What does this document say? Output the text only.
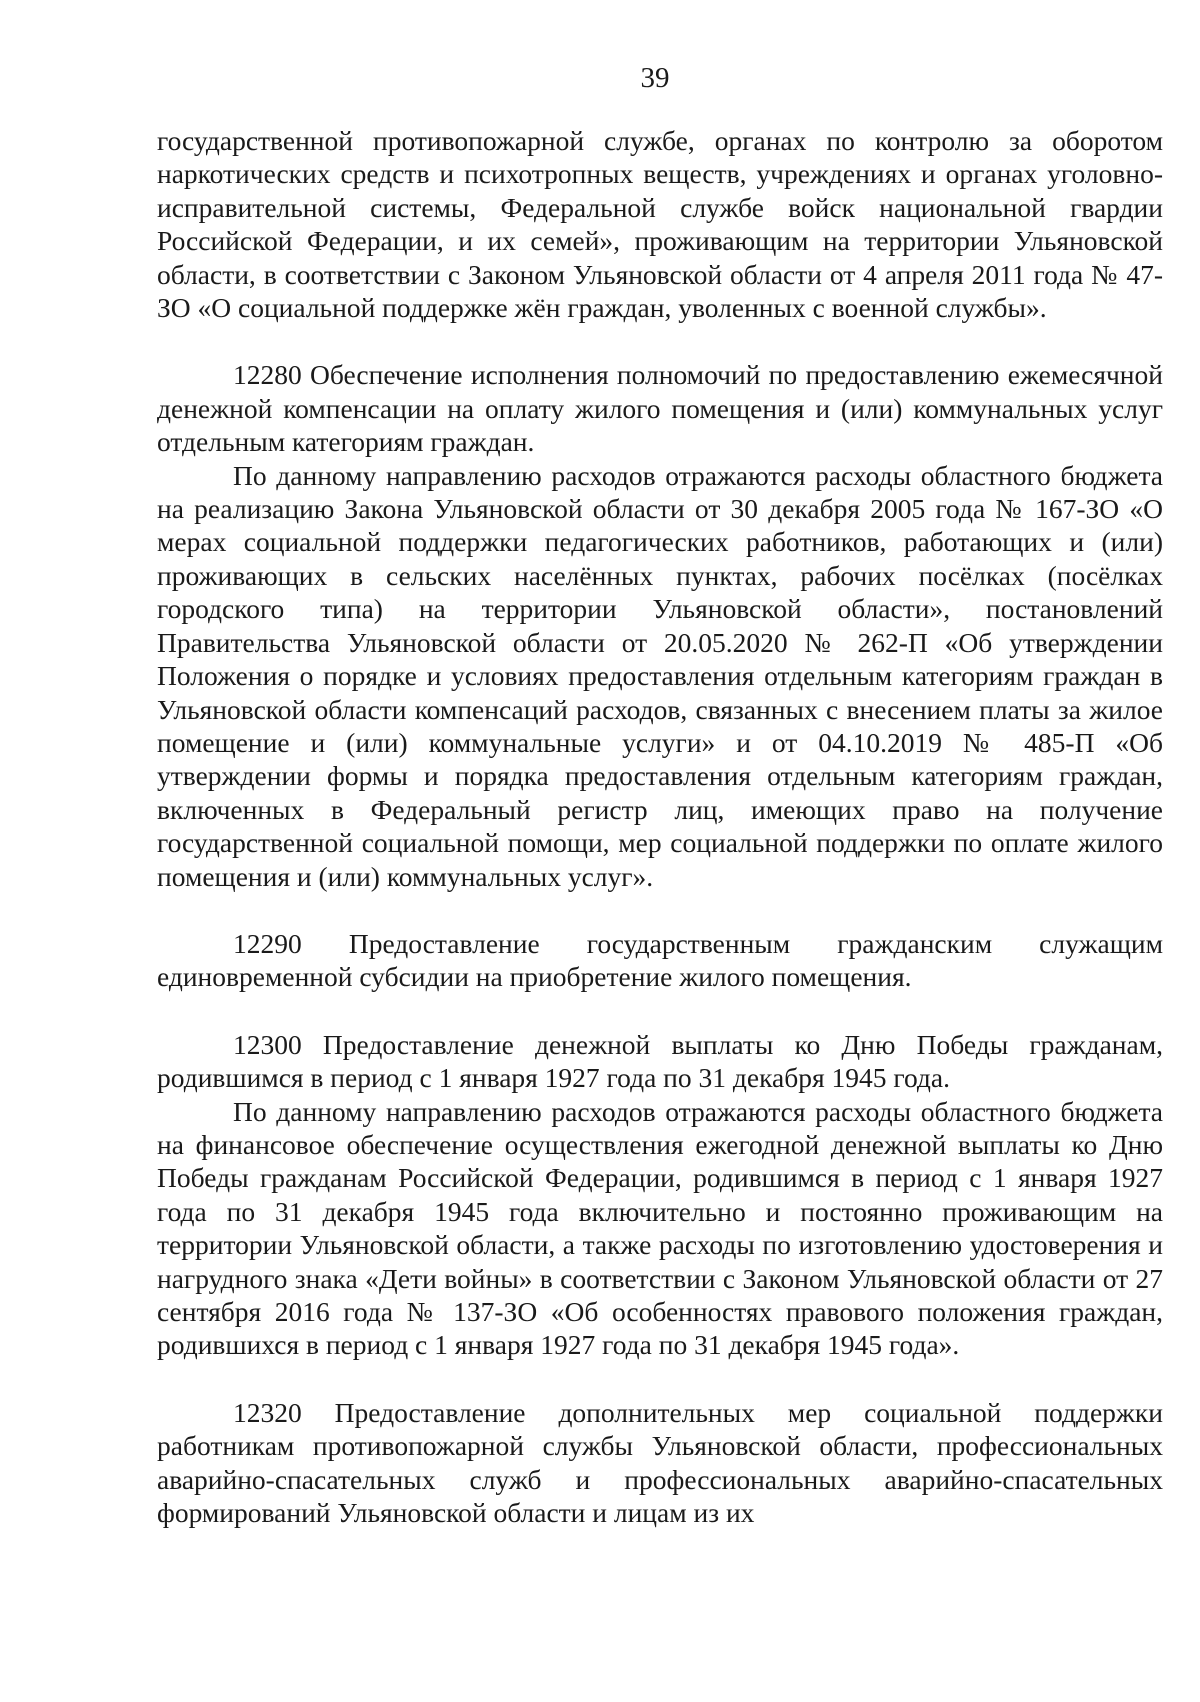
39

государственной противопожарной службе, органах по контролю за оборотом наркотических средств и психотропных веществ, учреждениях и органах уголовно-исправительной системы, Федеральной службе войск национальной гвардии Российской Федерации, и их семей», проживающим на территории Ульяновской области, в соответствии с Законом Ульяновской области от 4 апреля 2011 года № 47-ЗО «О социальной поддержке жён граждан, уволенных с военной службы».

12280 Обеспечение исполнения полномочий по предоставлению ежемесячной денежной компенсации на оплату жилого помещения и (или) коммунальных услуг отдельным категориям граждан.

По данному направлению расходов отражаются расходы областного бюджета на реализацию Закона Ульяновской области от 30 декабря 2005 года № 167-ЗО «О мерах социальной поддержки педагогических работников, работающих и (или) проживающих в сельских населённых пунктах, рабочих посёлках (посёлках городского типа) на территории Ульяновской области», постановлений Правительства Ульяновской области от 20.05.2020 № 262-П «Об утверждении Положения о порядке и условиях предоставления отдельным категориям граждан в Ульяновской области компенсаций расходов, связанных с внесением платы за жилое помещение и (или) коммунальные услуги» и от 04.10.2019 № 485-П «Об утверждении формы и порядка предоставления отдельным категориям граждан, включенных в Федеральный регистр лиц, имеющих право на получение государственной социальной помощи, мер социальной поддержки по оплате жилого помещения и (или) коммунальных услуг».

12290 Предоставление государственным гражданским служащим единовременной субсидии на приобретение жилого помещения.

12300 Предоставление денежной выплаты ко Дню Победы гражданам, родившимся в период с 1 января 1927 года по 31 декабря 1945 года.

По данному направлению расходов отражаются расходы областного бюджета на финансовое обеспечение осуществления ежегодной денежной выплаты ко Дню Победы гражданам Российской Федерации, родившимся в период с 1 января 1927 года по 31 декабря 1945 года включительно и постоянно проживающим на территории Ульяновской области, а также расходы по изготовлению удостоверения и нагрудного знака «Дети войны» в соответствии с Законом Ульяновской области от 27 сентября 2016 года № 137-ЗО «Об особенностях правового положения граждан, родившихся в период с 1 января 1927 года по 31 декабря 1945 года».

12320 Предоставление дополнительных мер социальной поддержки работникам противопожарной службы Ульяновской области, профессиональных аварийно-спасательных служб и профессиональных аварийно-спасательных формирований Ульяновской области и лицам из их
